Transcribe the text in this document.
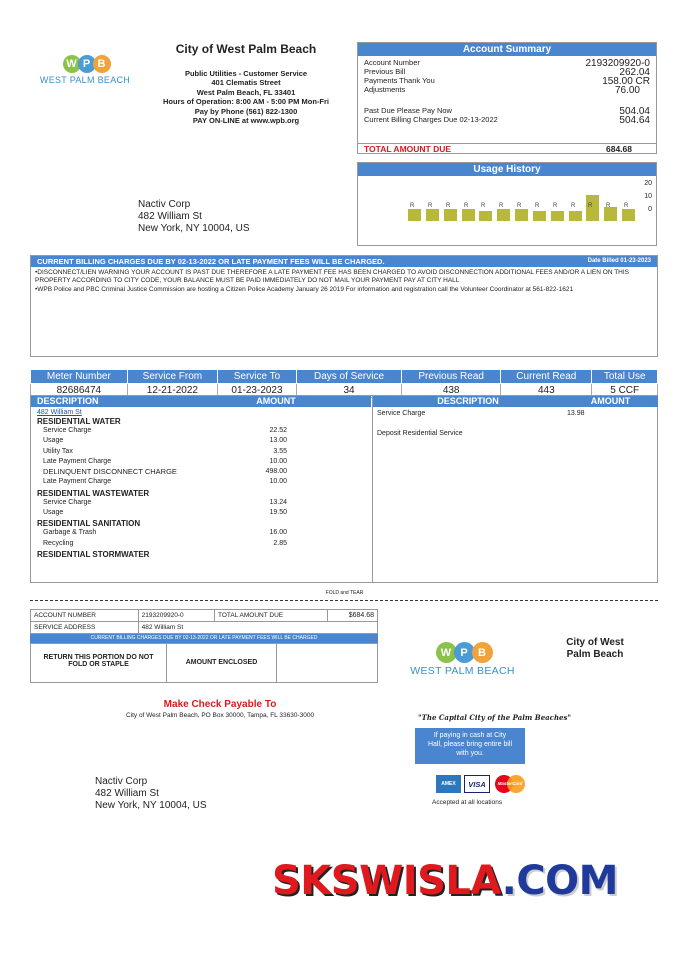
W P B
WEST PALM BEACH
City of West Palm Beach
Public Utilities - Customer Service
401 Clematis Street
West Palm Beach, FL 33401
Hours of Operation: 8:00 AM - 5:00 PM Mon-Fri
Pay by Phone (561) 822-1300
PAY ON-LINE at www.wpb.org
Account Summary
Account Number	2193209920-0
Previous Bill	262.04
Payments Thank You	158.00 CR
Adjustments	76.00
Past Due Please Pay Now	504.04
Current Billing Charges Due 02-13-2022	504.64
TOTAL AMOUNT DUE	684.68
Usage History
20
10
0
R R R R R R R R R R R R R
Nactiv Corp
482 William St
New York, NY 10004, US
CURRENT BILLING CHARGES DUE BY 02-13-2022 OR LATE PAYMENT FEES WILL BE CHARGED.	Date Billed 01-23-2023
•DISCONNECT/LIEN WARNING YOUR ACCOUNT IS PAST DUE THEREFORE A LATE PAYMENT FEE HAS BEEN CHARGED TO AVOID DISCONNECTION ADDITIONAL FEES AND/OR A LIEN ON THIS PROPERTY ACCORDING TO CITY CODE, YOUR BALANCE MUST BE PAID IMMEDIATELY DO NOT MAIL YOUR PAYMENT PAY AT CITY HALL
•WPB Police and PBC Criminal Justice Commission are hosting a Citizen Police Academy January 26 2019 For information and registration call the Volunteer Coordinator at 561-822-1621
Meter Number	Service From	Service To	Days of Service	Previous Read	Current Read	Total Use
82686474	12-21-2022	01-23-2023	34	438	443	5 CCF
DESCRIPTION	AMOUNT	DESCRIPTION	AMOUNT
482 William St
RESIDENTIAL WATER
Service Charge	22.52
Usage	13.00
Utility Tax	3.55
Late Payment Charge	10.00
DELINQUENT DISCONNECT CHARGE	498.00
Late Payment Charge	10.00
RESIDENTIAL WASTEWATER
Service Charge	13.24
Usage	19.50
RESIDENTIAL SANITATION
Garbage & Trash	16.00
Recycling	2.85
RESIDENTIAL STORMWATER
Service Charge	13.98
Deposit Residential Service
FOLD and TEAR
ACCOUNT NUMBER	2193209920-0	TOTAL AMOUNT DUE	$684.68
SERVICE ADDRESS	482 William St		
CURRENT BILLING CHARGES DUE BY 02-13-2022 OR LATE PAYMENT FEES WILL BE CHARGED
RETURN THIS PORTION DO NOT FOLD OR STAPLE	AMOUNT ENCLOSED
W P B
WEST PALM BEACH
City of West Palm Beach
Make Check Payable To
City of West Palm Beach, PO Box 30000, Tampa, FL 33630-3000	"The Capital City of the Palm Beaches"
If paying in cash at City Hall, please bring entire bill with you.
AMEX	VISA	MasterCard
Accepted at all locations
Nactiv Corp
482 William St
New York, NY 10004, US
SKSWISLA.COM
